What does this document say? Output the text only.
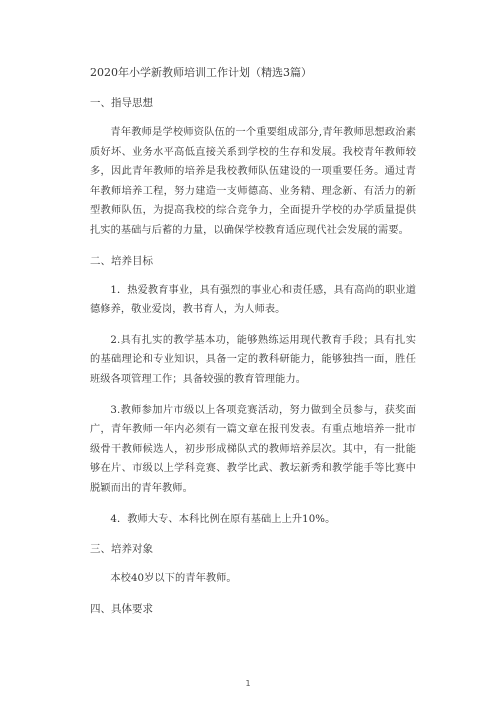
2020年小学新教师培训工作计划（精选3篇）
一、指导思想

青年教师是学校师资队伍的一个重要组成部分,青年教师思想政治素质好坏、业务水平高低直接关系到学校的生存和发展。我校青年教师较多，因此青年教师的培养是我校教师队伍建设的一项重要任务。通过青年教师培养工程，努力建造一支师德高、业务精、理念新、有活力的新型教师队伍，为提高我校的综合竞争力，全面提升学校的办学质量提供扎实的基础与后蓄的力量，以确保学校教育适应现代社会发展的需要。

二、培养目标

1．热爱教育事业，具有强烈的事业心和责任感，具有高尚的职业道德修养，敬业爱岗，教书育人，为人师表。

2.具有扎实的教学基本功，能够熟练运用现代教育手段；具有扎实的基础理论和专业知识，具备一定的教科研能力，能够独挡一面，胜任班级各项管理工作；具备较强的教育管理能力。

3.教师参加片市级以上各项竞赛活动，努力做到全员参与，获奖面广，青年教师一年内必须有一篇文章在报刊发表。有重点地培养一批市级骨干教师候选人，初步形成梯队式的教师培养层次。其中，有一批能够在片、市级以上学科竞赛、教学比武、教坛新秀和教学能手等比赛中脱颖而出的青年教师。

4．教师大专、本科比例在原有基础上上升10%。

三、培养对象

本校40岁以下的青年教师。

四、具体要求
1
